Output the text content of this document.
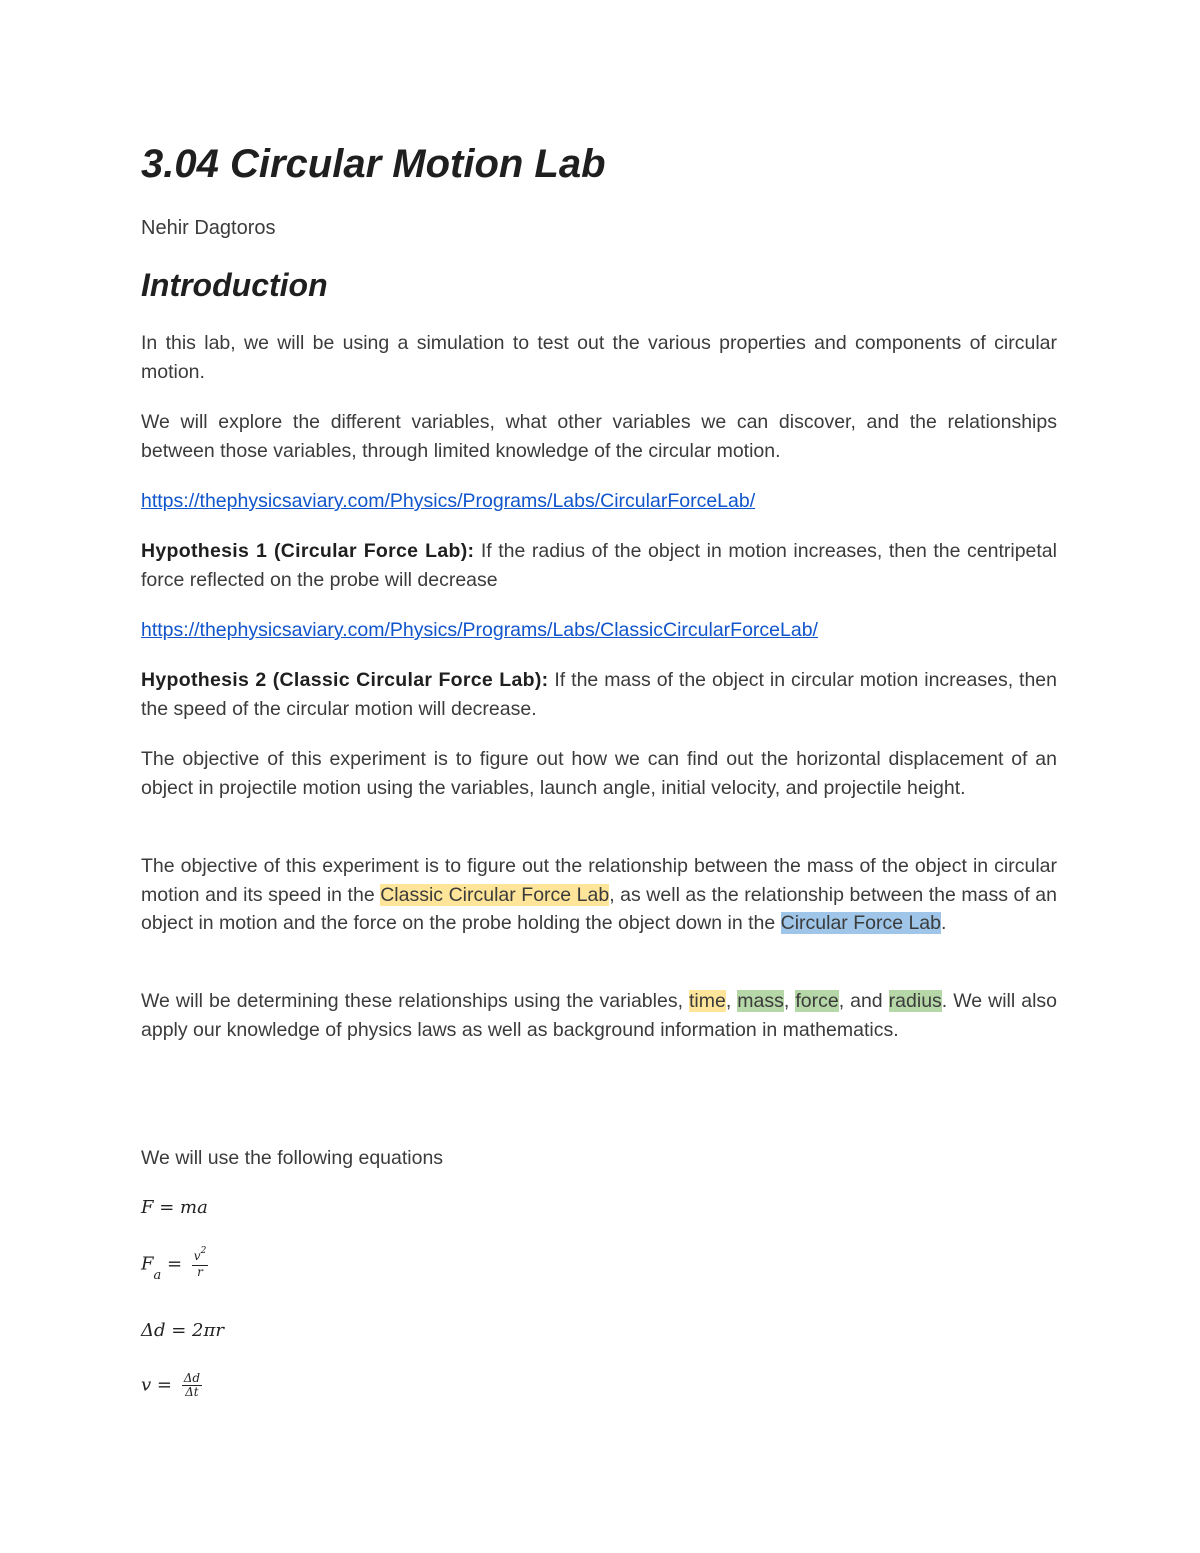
3.04 Circular Motion Lab
Nehir Dagtoros
Introduction

In this lab, we will be using a simulation to test out the various properties and components of circular motion.

We will explore the different variables, what other variables we can discover, and the relationships between those variables, through limited knowledge of the circular motion.

https://thephysicsaviary.com/Physics/Programs/Labs/CircularForceLab/

Hypothesis 1 (Circular Force Lab): If the radius of the object in motion increases, then the centripetal force reflected on the probe will decrease

https://thephysicsaviary.com/Physics/Programs/Labs/ClassicCircularForceLab/

Hypothesis 2 (Classic Circular Force Lab): If the mass of the object in circular motion increases, then the speed of the circular motion will decrease.

The objective of this experiment is to figure out how we can find out the horizontal displacement of an object in projectile motion using the variables, launch angle, initial velocity, and projectile height.

The objective of this experiment is to figure out the relationship between the mass of the object in circular motion and its speed in the Classic Circular Force Lab, as well as the relationship between the mass of an object in motion and the force on the probe holding the object down in the Circular Force Lab.

We will be determining these relationships using the variables, time, mass, force, and radius. We will also apply our knowledge of physics laws as well as background information in mathematics.

We will use the following equations

F = ma
$F_a = \frac{v^2}{r}$
Δd = 2πr
$v = \frac{\Delta d}{\Delta t}$
